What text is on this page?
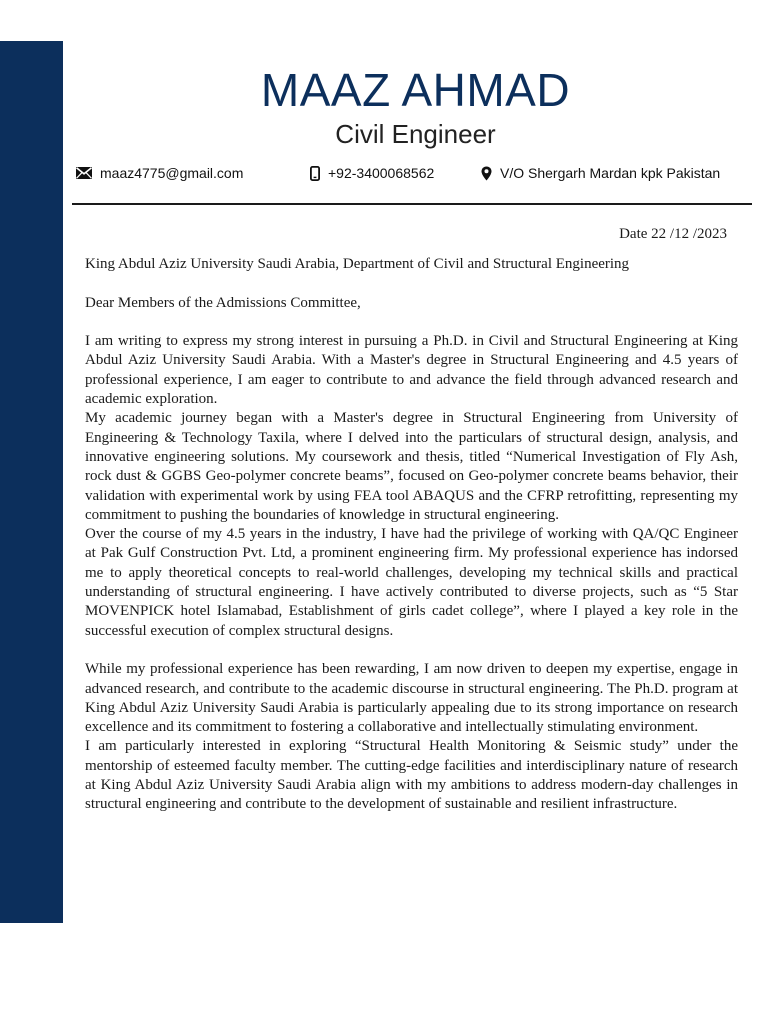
MAAZ AHMAD
Civil Engineer
maaz4775@gmail.com	+92-3400068562	V/O Shergarh Mardan kpk Pakistan
Date 22 /12 /2023

King Abdul Aziz University Saudi Arabia, Department of Civil and Structural Engineering

Dear Members of the Admissions Committee,

I am writing to express my strong interest in pursuing a Ph.D. in Civil and Structural Engineering at King Abdul Aziz University Saudi Arabia. With a Master's degree in Structural Engineering and 4.5 years of professional experience, I am eager to contribute to and advance the field through advanced research and academic exploration.

My academic journey began with a Master's degree in Structural Engineering from University of Engineering & Technology Taxila, where I delved into the particulars of structural design, analysis, and innovative engineering solutions. My coursework and thesis, titled “Numerical Investigation of Fly Ash, rock dust & GGBS Geo-polymer concrete beams”, focused on Geo-polymer concrete beams behavior, their validation with experimental work by using FEA tool ABAQUS and the CFRP retrofitting, representing my commitment to pushing the boundaries of knowledge in structural engineering.

Over the course of my 4.5 years in the industry, I have had the privilege of working with QA/QC Engineer at Pak Gulf Construction Pvt. Ltd, a prominent engineering firm. My professional experience has indorsed me to apply theoretical concepts to real-world challenges, developing my technical skills and practical understanding of structural engineering. I have actively contributed to diverse projects, such as “5 Star MOVENPICK hotel Islamabad, Establishment of girls cadet college”, where I played a key role in the successful execution of complex structural designs.

While my professional experience has been rewarding, I am now driven to deepen my expertise, engage in advanced research, and contribute to the academic discourse in structural engineering. The Ph.D. program at King Abdul Aziz University Saudi Arabia is particularly appealing due to its strong importance on research excellence and its commitment to fostering a collaborative and intellectually stimulating environment.

I am particularly interested in exploring “Structural Health Monitoring & Seismic study” under the mentorship of esteemed faculty member. The cutting-edge facilities and interdisciplinary nature of research at King Abdul Aziz University Saudi Arabia align with my ambitions to address modern-day challenges in structural engineering and contribute to the development of sustainable and resilient infrastructure.
